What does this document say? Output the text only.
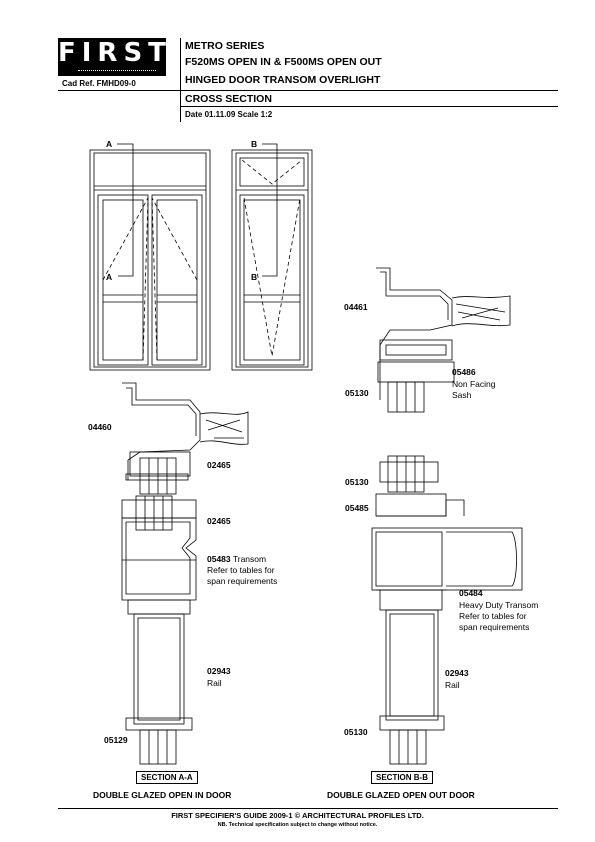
FIRST
Cad Ref. FMHD09-0
METRO SERIES
F520MS OPEN IN & F500MS OPEN OUT
HINGED DOOR TRANSOM OVERLIGHT
CROSS SECTION
Date 01.11.09 Scale 1:2
A
A
B
B
04461
05486
Non Facing
Sash
05130
04460
02465
02465
05483 Transom
Refer to tables for
span requirements
02943
Rail
05129
05130
05485
05484
Heavy Duty Transom
Refer to tables for
span requirements
02943
Rail
05130
SECTION A-A
DOUBLE GLAZED OPEN IN DOOR
SECTION B-B
DOUBLE GLAZED OPEN OUT DOOR
FIRST SPECIFIER'S GUIDE 2009-1 © ARCHITECTURAL PROFILES LTD.
NB. Technical specification subject to change without notice.
